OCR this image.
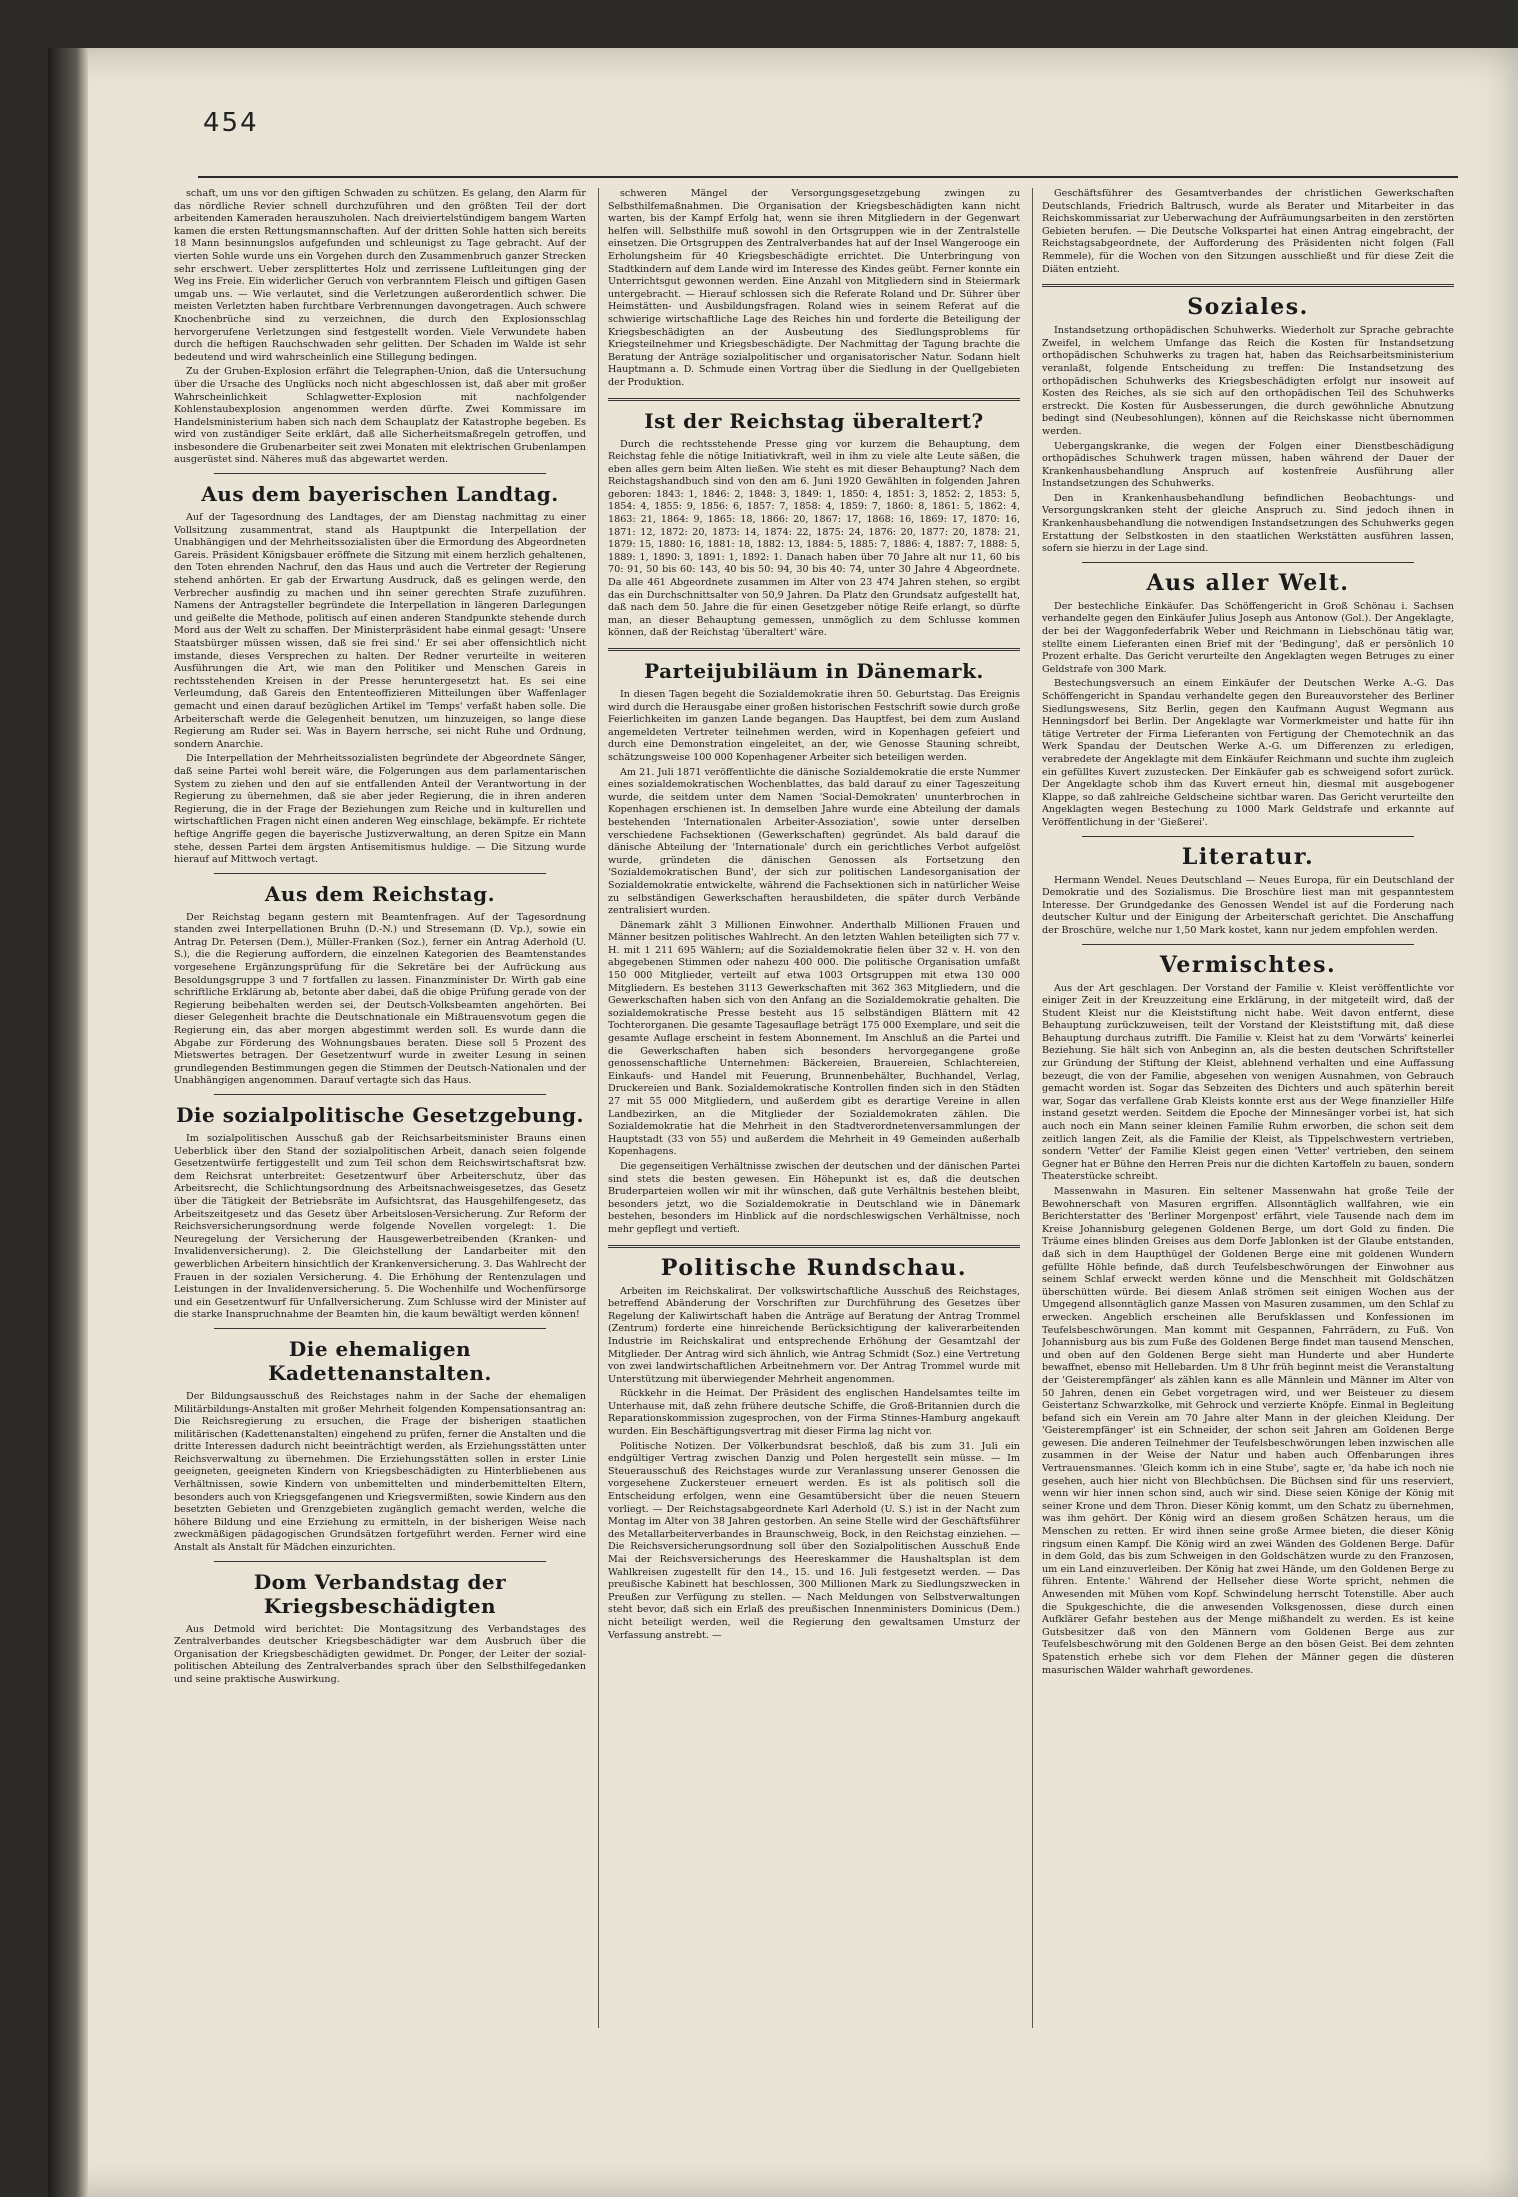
454

schaft, um uns vor den giftigen Schwaden zu schützen. Es gelang, den Alarm für das nördliche Revier schnell durchzuführen und den größten Teil der dort arbeitenden Kameraden herauszuholen. Nach dreiviertelstündigem bangem Warten kamen die ersten Rettungsmannschaften. Auf der dritten Sohle hatten sich bereits 18 Mann besinnungslos aufgefunden und schleunigst zu Tage gebracht. Auf der vierten Sohle wurde uns ein Vorgehen durch den Zusammenbruch ganzer Strecken sehr erschwert. Ueber zersplittertes Holz und zerrissene Luftleitungen ging der Weg ins Freie. Ein widerlicher Geruch von verbranntem Fleisch und giftigen Gasen umgab uns. — Wie verlautet, sind die Verletzungen außerordentlich schwer. Die meisten Verletzten haben furchtbare Verbrennungen davongetragen. Auch schwere Knochenbrüche sind zu verzeichnen, die durch den Explosionsschlag hervorgerufene Verletzungen sind festgestellt worden. Viele Verwundete haben durch die heftigen Rauchschwaden sehr gelitten. Der Schaden im Walde ist sehr bedeutend und wird wahrscheinlich eine Stillegung bedingen.

Zu der Gruben-Explosion erfährt die Telegraphen-Union, daß die Untersuchung über die Ursache des Unglücks noch nicht abgeschlossen ist, daß aber mit großer Wahrscheinlichkeit Schlagwetter-Explosion mit nachfolgender Kohlenstaubexplosion angenommen werden dürfte. Zwei Kommissare im Handelsministerium haben sich nach dem Schauplatz der Katastrophe begeben. Es wird von zuständiger Seite erklärt, daß alle Sicherheitsmaßregeln getroffen, und insbesondere die Grubenarbeiter seit zwei Monaten mit elektrischen Grubenlampen ausgerüstet sind. Näheres muß das abgewartet werden.

Aus dem bayerischen Landtag.

Auf der Tagesordnung des Landtages, der am Dienstag nachmittag zu einer Vollsitzung zusammentrat, stand als Hauptpunkt die Interpellation der Unabhängigen und der Mehrheitssozialisten über die Ermordung des Abgeordneten Gareis. Präsident Königsbauer eröffnete die Sitzung mit einem herzlich gehaltenen, den Toten ehrenden Nachruf, den das Haus und auch die Vertreter der Regierung stehend anhörten. Er gab der Erwartung Ausdruck, daß es gelingen werde, den Verbrecher ausfindig zu machen und ihn seiner gerechten Strafe zuzuführen. Namens der Antragsteller begründete die Interpellation in längeren Darlegungen und geißelte die Methode, politisch auf einen anderen Standpunkte stehende durch Mord aus der Welt zu schaffen. Der Ministerpräsident habe einmal gesagt: 'Unsere Staatsbürger müssen wissen, daß sie frei sind.' Er sei aber offensichtlich nicht imstande, dieses Versprechen zu halten. Der Redner verurteilte in weiteren Ausführungen die Art, wie man den Politiker und Menschen Gareis in rechtsstehenden Kreisen in der Presse heruntergesetzt hat. Es sei eine Verleumdung, daß Gareis den Ententeoffizieren Mitteilungen über Waffenlager gemacht und einen darauf bezüglichen Artikel im 'Temps' verfaßt haben solle. Die Arbeiterschaft werde die Gelegenheit benutzen, um hinzuzeigen, so lange diese Regierung am Ruder sei. Was in Bayern herrsche, sei nicht Ruhe und Ordnung, sondern Anarchie.

Die Interpellation der Mehrheitssozialisten begründete der Abgeordnete Sänger, daß seine Partei wohl bereit wäre, die Folgerungen aus dem parlamentarischen System zu ziehen und den auf sie entfallenden Anteil der Verantwortung in der Regierung zu übernehmen, daß sie aber jeder Regierung, die in ihren anderen Regierung, die in der Frage der Beziehungen zum Reiche und in kulturellen und wirtschaftlichen Fragen nicht einen anderen Weg einschlage, bekämpfe. Er richtete heftige Angriffe gegen die bayerische Justizverwaltung, an deren Spitze ein Mann stehe, dessen Partei dem ärgsten Antisemitismus huldige. — Die Sitzung wurde hierauf auf Mittwoch vertagt.

Aus dem Reichstag.

Der Reichstag begann gestern mit Beamtenfragen. Auf der Tagesordnung standen zwei Interpellationen Bruhn (D.-N.) und Stresemann (D. Vp.), sowie ein Antrag Dr. Petersen (Dem.), Müller-Franken (Soz.), ferner ein Antrag Aderhold (U. S.), die die Regierung auffordern, die einzelnen Kategorien des Beamtenstandes vorgesehene Ergänzungsprüfung für die Sekretäre bei der Aufrückung aus Besoldungsgruppe 3 und 7 fortfallen zu lassen. Finanzminister Dr. Wirth gab eine schriftliche Erklärung ab, betonte aber dabei, daß die obige Prüfung gerade von der Regierung beibehalten werden sei, der Deutsch-Volksbeamten angehörten. Bei dieser Gelegenheit brachte die Deutschnationale ein Mißtrauensvotum gegen die Regierung ein, das aber morgen abgestimmt werden soll. Es wurde dann die Abgabe zur Förderung des Wohnungsbaues beraten. Diese soll 5 Prozent des Mietswertes betragen. Der Gesetzentwurf wurde in zweiter Lesung in seinen grundlegenden Bestimmungen gegen die Stimmen der Deutsch-Nationalen und der Unabhängigen angenommen. Darauf vertagte sich das Haus.

Die sozialpolitische Gesetzgebung.

Im sozialpolitischen Ausschuß gab der Reichsarbeitsminister Brauns einen Ueberblick über den Stand der sozialpolitischen Arbeit, danach seien folgende Gesetzentwürfe fertiggestellt und zum Teil schon dem Reichswirtschaftsrat bzw. dem Reichsrat unterbreitet: Gesetzentwurf über Arbeiterschutz, über das Arbeitsrecht, die Schlichtungsordnung des Arbeitsnachweisgesetzes, das Gesetz über die Tätigkeit der Betriebsräte im Aufsichtsrat, das Hausgehilfengesetz, das Arbeitszeitgesetz und das Gesetz über Arbeitslosen-Versicherung. Zur Reform der Reichsversicherungsordnung werde folgende Novellen vorgelegt: 1. Die Neuregelung der Versicherung der Hausgewerbetreibenden (Kranken- und Invalidenversicherung). 2. Die Gleichstellung der Landarbeiter mit den gewerblichen Arbeitern hinsichtlich der Krankenversicherung. 3. Das Wahlrecht der Frauen in der sozialen Versicherung. 4. Die Erhöhung der Rentenzulagen und Leistungen in der Invalidenversicherung. 5. Die Wochenhilfe und Wochenfürsorge und ein Gesetzentwurf für Unfallversicherung. Zum Schlusse wird der Minister auf die starke Inanspruchnahme der Beamten hin, die kaum bewältigt werden können!

Die ehemaligen Kadettenanstalten.

Der Bildungsausschuß des Reichstages nahm in der Sache der ehemaligen Militärbildungs-Anstalten mit großer Mehrheit folgenden Kompensationsantrag an: Die Reichsregierung zu ersuchen, die Frage der bisherigen staatlichen militärischen (Kadettenanstalten) eingehend zu prüfen, ferner die Anstalten und die dritte Interessen dadurch nicht beeinträchtigt werden, als Erziehungsstätten unter Reichsverwaltung zu übernehmen. Die Erziehungsstätten sollen in erster Linie geeigneten, geeigneten Kindern von Kriegsbeschädigten zu Hinterbliebenen aus Verhältnissen, sowie Kindern von unbemittelten und minderbemittelten Eltern, besonders auch von Kriegsgefangenen und Kriegsvermißten, sowie Kindern aus den besetzten Gebieten und Grenzgebieten zugänglich gemacht werden, welche die höhere Bildung und eine Erziehung zu ermitteln, in der bisherigen Weise nach zweckmäßigen pädagogischen Grundsätzen fortgeführt werden. Ferner wird eine Anstalt als Anstalt für Mädchen einzurichten.

Dom Verbandstag der Kriegsbeschädigten

Aus Detmold wird berichtet: Die Montagsitzung des Verbandstages des Zentralverbandes deutscher Kriegsbeschädigter war dem Ausbruch über die Organisation der Kriegsbeschädigten gewidmet. Dr. Ponger, der Leiter der sozial-politischen Abteilung des Zentralverbandes sprach über den Selbsthilfegedanken und seine praktische Auswirkung.

schweren Mängel der Versorgungsgesetzgebung zwingen zu Selbsthilfemaßnahmen. Die Organisation der Kriegsbeschädigten kann nicht warten, bis der Kampf Erfolg hat, wenn sie ihren Mitgliedern in der Gegenwart helfen will. Selbsthilfe muß sowohl in den Ortsgruppen wie in der Zentralstelle einsetzen. Die Ortsgruppen des Zentralverbandes hat auf der Insel Wangerooge ein Erholungsheim für 40 Kriegsbeschädigte errichtet. Die Unterbringung von Stadtkindern auf dem Lande wird im Interesse des Kindes geübt. Ferner konnte ein Unterrichtsgut gewonnen werden. Eine Anzahl von Mitgliedern sind in Steiermark untergebracht. — Hierauf schlossen sich die Referate Roland und Dr. Sührer über Heimstätten- und Ausbildungsfragen. Roland wies in seinem Referat auf die schwierige wirtschaftliche Lage des Reiches hin und forderte die Beteiligung der Kriegsbeschädigten an der Ausbeutung des Siedlungsproblems für Kriegsteilnehmer und Kriegsbeschädigte. Der Nachmittag der Tagung brachte die Beratung der Anträge sozialpolitischer und organisatorischer Natur. Sodann hielt Hauptmann a. D. Schmude einen Vortrag über die Siedlung in der Quellgebieten der Produktion.

Ist der Reichstag überaltert?

Durch die rechtsstehende Presse ging vor kurzem die Behauptung, dem Reichstag fehle die nötige Initiativkraft, weil in ihm zu viele alte Leute säßen, die eben alles gern beim Alten ließen. Wie steht es mit dieser Behauptung? Nach dem Reichstagshandbuch sind von den am 6. Juni 1920 Gewählten in folgenden Jahren geboren: 1843: 1, 1846: 2, 1848: 3, 1849: 1, 1850: 4, 1851: 3, 1852: 2, 1853: 5, 1854: 4, 1855: 9, 1856: 6, 1857: 7, 1858: 4, 1859: 7, 1860: 8, 1861: 5, 1862: 4, 1863: 21, 1864: 9, 1865: 18, 1866: 20, 1867: 17, 1868: 16, 1869: 17, 1870: 16, 1871: 12, 1872: 20, 1873: 14, 1874: 22, 1875: 24, 1876: 20, 1877: 20, 1878: 21, 1879: 15, 1880: 16, 1881: 18, 1882: 13, 1884: 5, 1885: 7, 1886: 4, 1887: 7, 1888: 5, 1889: 1, 1890: 3, 1891: 1, 1892: 1. Danach haben über 70 Jahre alt nur 11, 60 bis 70: 91, 50 bis 60: 143, 40 bis 50: 94, 30 bis 40: 74, unter 30 Jahre 4 Abgeordnete. Da alle 461 Abgeordnete zusammen im Alter von 23 474 Jahren stehen, so ergibt das ein Durchschnittsalter von 50,9 Jahren. Da Platz den Grundsatz aufgestellt hat, daß nach dem 50. Jahre die für einen Gesetzgeber nötige Reife erlangt, so dürfte man, an dieser Behauptung gemessen, unmöglich zu dem Schlusse kommen können, daß der Reichstag 'überaltert' wäre.

Parteijubiläum in Dänemark.

In diesen Tagen begeht die Sozialdemokratie ihren 50. Geburtstag. Das Ereignis wird durch die Herausgabe einer großen historischen Festschrift sowie durch große Feierlichkeiten im ganzen Lande begangen. Das Hauptfest, bei dem zum Ausland angemeldeten Vertreter teilnehmen werden, wird in Kopenhagen gefeiert und durch eine Demonstration eingeleitet, an der, wie Genosse Stauning schreibt, schätzungsweise 100 000 Kopenhagener Arbeiter sich beteiligen werden.

Am 21. Juli 1871 veröffentlichte die dänische Sozialdemokratie die erste Nummer eines sozialdemokratischen Wochenblattes, das bald darauf zu einer Tageszeitung wurde, die seitdem unter dem Namen 'Social-Demokraten' ununterbrochen in Kopenhagen erschienen ist. In demselben Jahre wurde eine Abteilung der damals bestehenden 'Internationalen Arbeiter-Assoziation', sowie unter derselben verschiedene Fachsektionen (Gewerkschaften) gegründet. Als bald darauf die dänische Abteilung der 'Internationale' durch ein gerichtliches Verbot aufgelöst wurde, gründeten die dänischen Genossen als Fortsetzung den 'Sozialdemokratischen Bund', der sich zur politischen Landesorganisation der Sozialdemokratie entwickelte, während die Fachsektionen sich in natürlicher Weise zu selbständigen Gewerkschaften herausbildeten, die später durch Verbände zentralisiert wurden.

Dänemark zählt 3 Millionen Einwohner. Anderthalb Millionen Frauen und Männer besitzen politisches Wahlrecht. An den letzten Wahlen beteiligten sich 77 v. H. mit 1 211 695 Wählern; auf die Sozialdemokratie fielen über 32 v. H. von den abgegebenen Stimmen oder nahezu 400 000. Die politische Organisation umfaßt 150 000 Mitglieder, verteilt auf etwa 1003 Ortsgruppen mit etwa 130 000 Mitgliedern. Es bestehen 3113 Gewerkschaften mit 362 363 Mitgliedern, und die Gewerkschaften haben sich von den Anfang an die Sozialdemokratie gehalten. Die sozialdemokratische Presse besteht aus 15 selbständigen Blättern mit 42 Tochterorganen. Die gesamte Tagesauflage beträgt 175 000 Exemplare, und seit die gesamte Auflage erscheint in festem Abonnement. Im Anschluß an die Partei und die Gewerkschaften haben sich besonders hervorgegangene große genossenschaftliche Unternehmen: Bäckereien, Brauereien, Schlachtereien, Einkaufs- und Handel mit Feuerung, Brunnenbehälter, Buchhandel, Verlag, Druckereien und Bank. Sozialdemokratische Kontrollen finden sich in den Städten 27 mit 55 000 Mitgliedern, und außerdem gibt es derartige Vereine in allen Landbezirken, an die Mitglieder der Sozialdemokraten zählen. Die Sozialdemokratie hat die Mehrheit in den Stadtverordnetenversammlungen der Hauptstadt (33 von 55) und außerdem die Mehrheit in 49 Gemeinden außerhalb Kopenhagens.

Die gegenseitigen Verhältnisse zwischen der deutschen und der dänischen Partei sind stets die besten gewesen. Ein Höhepunkt ist es, daß die deutschen Bruderparteien wollen wir mit ihr wünschen, daß gute Verhältnis bestehen bleibt, besonders jetzt, wo die Sozialdemokratie in Deutschland wie in Dänemark bestehen, besonders im Hinblick auf die nordschleswigschen Verhältnisse, noch mehr gepflegt und vertieft.

Politische Rundschau.

Arbeiten im Reichskalirat. Der volkswirtschaftliche Ausschuß des Reichstages, betreffend Abänderung der Vorschriften zur Durchführung des Gesetzes über Regelung der Kaliwirtschaft haben die Anträge auf Beratung der Antrag Trommel (Zentrum) forderte eine hinreichende Berücksichtigung der kaliverarbeitenden Industrie im Reichskalirat und entsprechende Erhöhung der Gesamtzahl der Mitglieder. Der Antrag wird sich ähnlich, wie Antrag Schmidt (Soz.) eine Vertretung von zwei landwirtschaftlichen Arbeitnehmern vor. Der Antrag Trommel wurde mit Unterstützung mit überwiegender Mehrheit angenommen.

Rückkehr in die Heimat. Der Präsident des englischen Handelsamtes teilte im Unterhause mit, daß zehn frühere deutsche Schiffe, die Groß-Britannien durch die Reparationskommission zugesprochen, von der Firma Stinnes-Hamburg angekauft wurden. Ein Beschäftigungsvertrag mit dieser Firma lag nicht vor.

Politische Notizen. Der Völkerbundsrat beschloß, daß bis zum 31. Juli ein endgültiger Vertrag zwischen Danzig und Polen hergestellt sein müsse. — Im Steuerausschuß des Reichstages wurde zur Veranlassung unserer Genossen die vorgesehene Zuckersteuer erneuert werden. Es ist als politisch soll die Entscheidung erfolgen, wenn eine Gesamtübersicht über die neuen Steuern vorliegt. — Der Reichstagsabgeordnete Karl Aderhold (U. S.) ist in der Nacht zum Montag im Alter von 38 Jahren gestorben. An seine Stelle wird der Geschäftsführer des Metallarbeiterverbandes in Braunschweig, Bock, in den Reichstag einziehen. — Die Reichsversicherungsordnung soll über den Sozialpolitischen Ausschuß Ende Mai der Reichsversicherungs des Heereskammer die Haushaltsplan ist dem Wahlkreisen zugestellt für den 14., 15. und 16. Juli festgesetzt werden. — Das preußische Kabinett hat beschlossen, 300 Millionen Mark zu Siedlungszwecken in Preußen zur Verfügung zu stellen. — Nach Meldungen von Selbstverwaltungen steht bevor, daß sich ein Erlaß des preußischen Innenministers Dominicus (Dem.) nicht beteiligt werden, weil die Regierung den gewaltsamen Umsturz der Verfassung anstrebt. —

Geschäftsführer des Gesamtverbandes der christlichen Gewerkschaften Deutschlands, Friedrich Baltrusch, wurde als Berater und Mitarbeiter in das Reichskommissariat zur Ueberwachung der Aufräumungsarbeiten in den zerstörten Gebieten berufen. — Die Deutsche Volkspartei hat einen Antrag eingebracht, der Reichstagsabgeordnete, der Aufforderung des Präsidenten nicht folgen (Fall Remmele), für die Wochen von den Sitzungen ausschließt und für diese Zeit die Diäten entzieht.

Soziales.

Instandsetzung orthopädischen Schuhwerks. Wiederholt zur Sprache gebrachte Zweifel, in welchem Umfange das Reich die Kosten für Instandsetzung orthopädischen Schuhwerks zu tragen hat, haben das Reichsarbeitsministerium veranlaßt, folgende Entscheidung zu treffen: Die Instandsetzung des orthopädischen Schuhwerks des Kriegsbeschädigten erfolgt nur insoweit auf Kosten des Reiches, als sie sich auf den orthopädischen Teil des Schuhwerks erstreckt. Die Kosten für Ausbesserungen, die durch gewöhnliche Abnutzung bedingt sind (Neubesohlungen), können auf die Reichskasse nicht übernommen werden.

Uebergangskranke, die wegen der Folgen einer Dienstbeschädigung orthopädisches Schuhwerk tragen müssen, haben während der Dauer der Krankenhausbehandlung Anspruch auf kostenfreie Ausführung aller Instandsetzungen des Schuhwerks.

Den in Krankenhausbehandlung befindlichen Beobachtungs- und Versorgungskranken steht der gleiche Anspruch zu. Sind jedoch ihnen in Krankenhausbehandlung die notwendigen Instandsetzungen des Schuhwerks gegen Erstattung der Selbstkosten in den staatlichen Werkstätten ausführen lassen, sofern sie hierzu in der Lage sind.

Aus aller Welt.

Der bestechliche Einkäufer. Das Schöffengericht in Groß Schönau i. Sachsen verhandelte gegen den Einkäufer Julius Joseph aus Antonow (Gol.). Der Angeklagte, der bei der Waggonfederfabrik Weber und Reichmann in Liebschönau tätig war, stellte einem Lieferanten einen Brief mit der 'Bedingung', daß er persönlich 10 Prozent erhalte. Das Gericht verurteilte den Angeklagten wegen Betruges zu einer Geldstrafe von 300 Mark.

Bestechungsversuch an einem Einkäufer der Deutschen Werke A.-G. Das Schöffengericht in Spandau verhandelte gegen den Bureauvorsteher des Berliner Siedlungswesens, Sitz Berlin, gegen den Kaufmann August Wegmann aus Henningsdorf bei Berlin. Der Angeklagte war Vormerkmeister und hatte für ihn tätige Vertreter der Firma Lieferanten von Fertigung der Chemotechnik an das Werk Spandau der Deutschen Werke A.-G. um Differenzen zu erledigen, verabredete der Angeklagte mit dem Einkäufer Reichmann und suchte ihm zugleich ein gefülltes Kuvert zuzustecken. Der Einkäufer gab es schweigend sofort zurück. Der Angeklagte schob ihm das Kuvert erneut hin, diesmal mit ausgebogener Klappe, so daß zahlreiche Geldscheine sichtbar waren. Das Gericht verurteilte den Angeklagten wegen Bestechung zu 1000 Mark Geldstrafe und erkannte auf Veröffentlichung in der 'Gießerei'.

Literatur.

Hermann Wendel. Neues Deutschland — Neues Europa, für ein Deutschland der Demokratie und des Sozialismus. Die Broschüre liest man mit gespanntestem Interesse. Der Grundgedanke des Genossen Wendel ist auf die Forderung nach deutscher Kultur und der Einigung der Arbeiterschaft gerichtet. Die Anschaffung der Broschüre, welche nur 1,50 Mark kostet, kann nur jedem empfohlen werden.

Vermischtes.

Aus der Art geschlagen. Der Vorstand der Familie v. Kleist veröffentlichte vor einiger Zeit in der Kreuzzeitung eine Erklärung, in der mitgeteilt wird, daß der Student Kleist nur die Kleiststiftung nicht habe. Weit davon entfernt, diese Behauptung zurückzuweisen, teilt der Vorstand der Kleiststiftung mit, daß diese Behauptung durchaus zutrifft. Die Familie v. Kleist hat zu dem 'Vorwärts' keinerlei Beziehung. Sie hält sich von Anbeginn an, als die besten deutschen Schriftsteller zur Gründung der Stiftung der Kleist, ablehnend verhalten und eine Auffassung bezeugt, die von der Familie, abgesehen von wenigen Ausnahmen, von Gebrauch gemacht worden ist. Sogar das Sebzeiten des Dichters und auch späterhin bereit war, Sogar das verfallene Grab Kleists konnte erst aus der Wege finanzieller Hilfe instand gesetzt werden. Seitdem die Epoche der Minnesänger vorbei ist, hat sich auch noch ein Mann seiner kleinen Familie Ruhm erworben, die schon seit dem zeitlich langen Zeit, als die Familie der Kleist, als Tippelschwestern vertrieben, sondern 'Vetter' der Familie Kleist gegen einen 'Vetter' vertrieben, den seinem Gegner hat er Bühne den Herren Preis nur die dichten Kartoffeln zu bauen, sondern Theaterstücke schreibt.

Massenwahn in Masuren. Ein seltener Massenwahn hat große Teile der Bewohnerschaft von Masuren ergriffen. Allsonntäglich wallfahren, wie ein Berichterstatter des 'Berliner Morgenpost' erfährt, viele Tausende nach dem im Kreise Johannisburg gelegenen Goldenen Berge, um dort Gold zu finden. Die Träume eines blinden Greises aus dem Dorfe Jablonken ist der Glaube entstanden, daß sich in dem Haupthügel der Goldenen Berge eine mit goldenen Wundern gefüllte Höhle befinde, daß durch Teufelsbeschwörungen der Einwohner aus seinem Schlaf erweckt werden könne und die Menschheit mit Goldschätzen überschütten würde. Bei diesem Anlaß strömen seit einigen Wochen aus der Umgegend allsonntäglich ganze Massen von Masuren zusammen, um den Schlaf zu erwecken. Angeblich erscheinen alle Berufsklassen und Konfessionen im Teufelsbeschwörungen. Man kommt mit Gespannen, Fahrrädern, zu Fuß. Von Johannisburg aus bis zum Fuße des Goldenen Berge findet man tausend Menschen, und oben auf den Goldenen Berge sieht man Hunderte und aber Hunderte bewaffnet, ebenso mit Hellebarden. Um 8 Uhr früh beginnt meist die Veranstaltung der 'Geisterempfänger' als zählen kann es alle Männlein und Männer im Alter von 50 Jahren, denen ein Gebet vorgetragen wird, und wer Beisteuer zu diesem Geistertanz Schwarzkolke, mit Gehrock und verzierte Knöpfe. Einmal in Begleitung befand sich ein Verein am 70 Jahre alter Mann in der gleichen Kleidung. Der 'Geisterempfänger' ist ein Schneider, der schon seit Jahren am Goldenen Berge gewesen. Die anderen Teilnehmer der Teufelsbeschwörungen leben inzwischen alle zusammen in der Weise der Natur und haben auch Offenbarungen ihres Vertrauensmannes. 'Gleich komm ich in eine Stube', sagte er, 'da habe ich noch nie gesehen, auch hier nicht von Blechbüchsen. Die Büchsen sind für uns reserviert, wenn wir hier innen schon sind, auch wir sind. Diese seien Könige der König mit seiner Krone und dem Thron. Dieser König kommt, um den Schatz zu übernehmen, was ihm gehört. Der König wird an diesem großen Schätzen heraus, um die Menschen zu retten. Er wird ihnen seine große Armee bieten, die dieser König ringsum einen Kampf. Die König wird an zwei Wänden des Goldenen Berge. Dafür in dem Gold, das bis zum Schweigen in den Goldschätzen wurde zu den Franzosen, um ein Land einzuverleiben. Der König hat zwei Hände, um den Goldenen Berge zu führen. Entente.' Während der Hellseher diese Worte spricht, nehmen die Anwesenden mit Mühen vom Kopf. Schwindelung herrscht Totenstille. Aber auch die Spukgeschichte, die die anwesenden Volksgenossen, diese durch einen Aufklärer Gefahr bestehen aus der Menge mißhandelt zu werden. Es ist keine Gutsbesitzer daß von den Männern vom Goldenen Berge aus zur Teufelsbeschwörung mit den Goldenen Berge an den bösen Geist. Bei dem zehnten Spatenstich erhebe sich vor dem Flehen der Männer gegen die düsteren masurischen Wälder wahrhaft gewordenes.
